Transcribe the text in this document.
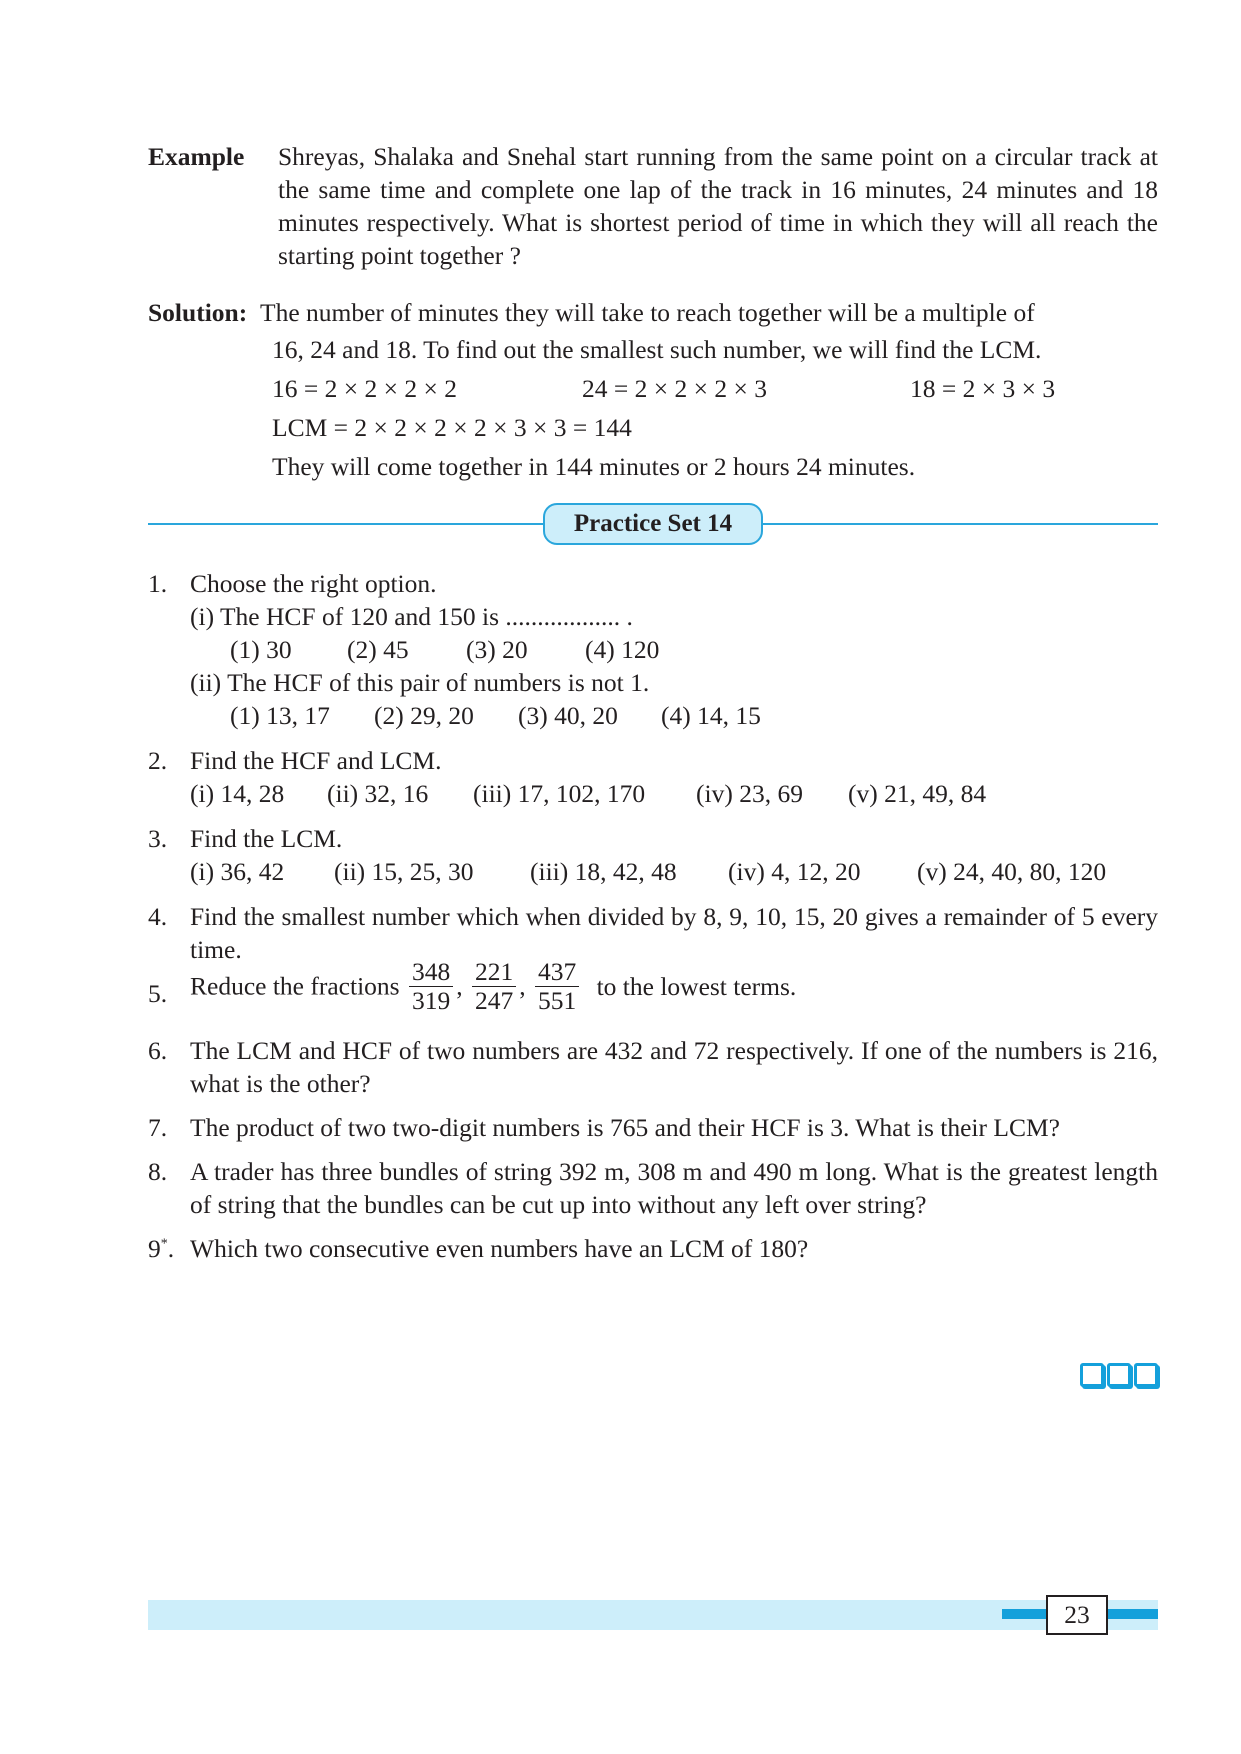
Example Shreyas, Shalaka and Snehal start running from the same point on a circular track at the same time and complete one lap of the track in 16 minutes, 24 minutes and 18 minutes respectively. What is shortest period of time in which they will all reach the starting point together ?
Solution: The number of minutes they will take to reach together will be a multiple of
16, 24 and 18. To find out the smallest such number, we will find the LCM.
16 = 2 × 2 × 2 × 2	24 = 2 × 2 × 2 × 3	18 = 2 × 3 × 3
LCM = 2 × 2 × 2 × 2 × 3 × 3 = 144
They will come together in 144 minutes or 2 hours 24 minutes.
Practice Set 14
1. Choose the right option.
(i) The HCF of 120 and 150 is .................. .
(1) 30 (2) 45 (3) 20 (4) 120
(ii) The HCF of this pair of numbers is not 1.
(1) 13, 17 (2) 29, 20 (3) 40, 20 (4) 14, 15
2. Find the HCF and LCM.
(i) 14, 28 (ii) 32, 16 (iii) 17, 102, 170 (iv) 23, 69 (v) 21, 49, 84
3. Find the LCM.
(i) 36, 42 (ii) 15, 25, 30 (iii) 18, 42, 48 (iv) 4, 12, 20 (v) 24, 40, 80, 120
4. Find the smallest number which when divided by 8, 9, 10, 15, 20 gives a remainder of 5 every time.
5. Reduce the fractions $\frac{348}{319}$ , $\frac{221}{247}$ , $\frac{437}{551}$ to the lowest terms.
6. The LCM and HCF of two numbers are 432 and 72 respectively. If one of the numbers is 216, what is the other?
7. The product of two two-digit numbers is 765 and their HCF is 3. What is their LCM?
8. A trader has three bundles of string 392 m, 308 m and 490 m long. What is the greatest length of string that the bundles can be cut up into without any left over string?
9*. Which two consecutive even numbers have an LCM of 180?
23
